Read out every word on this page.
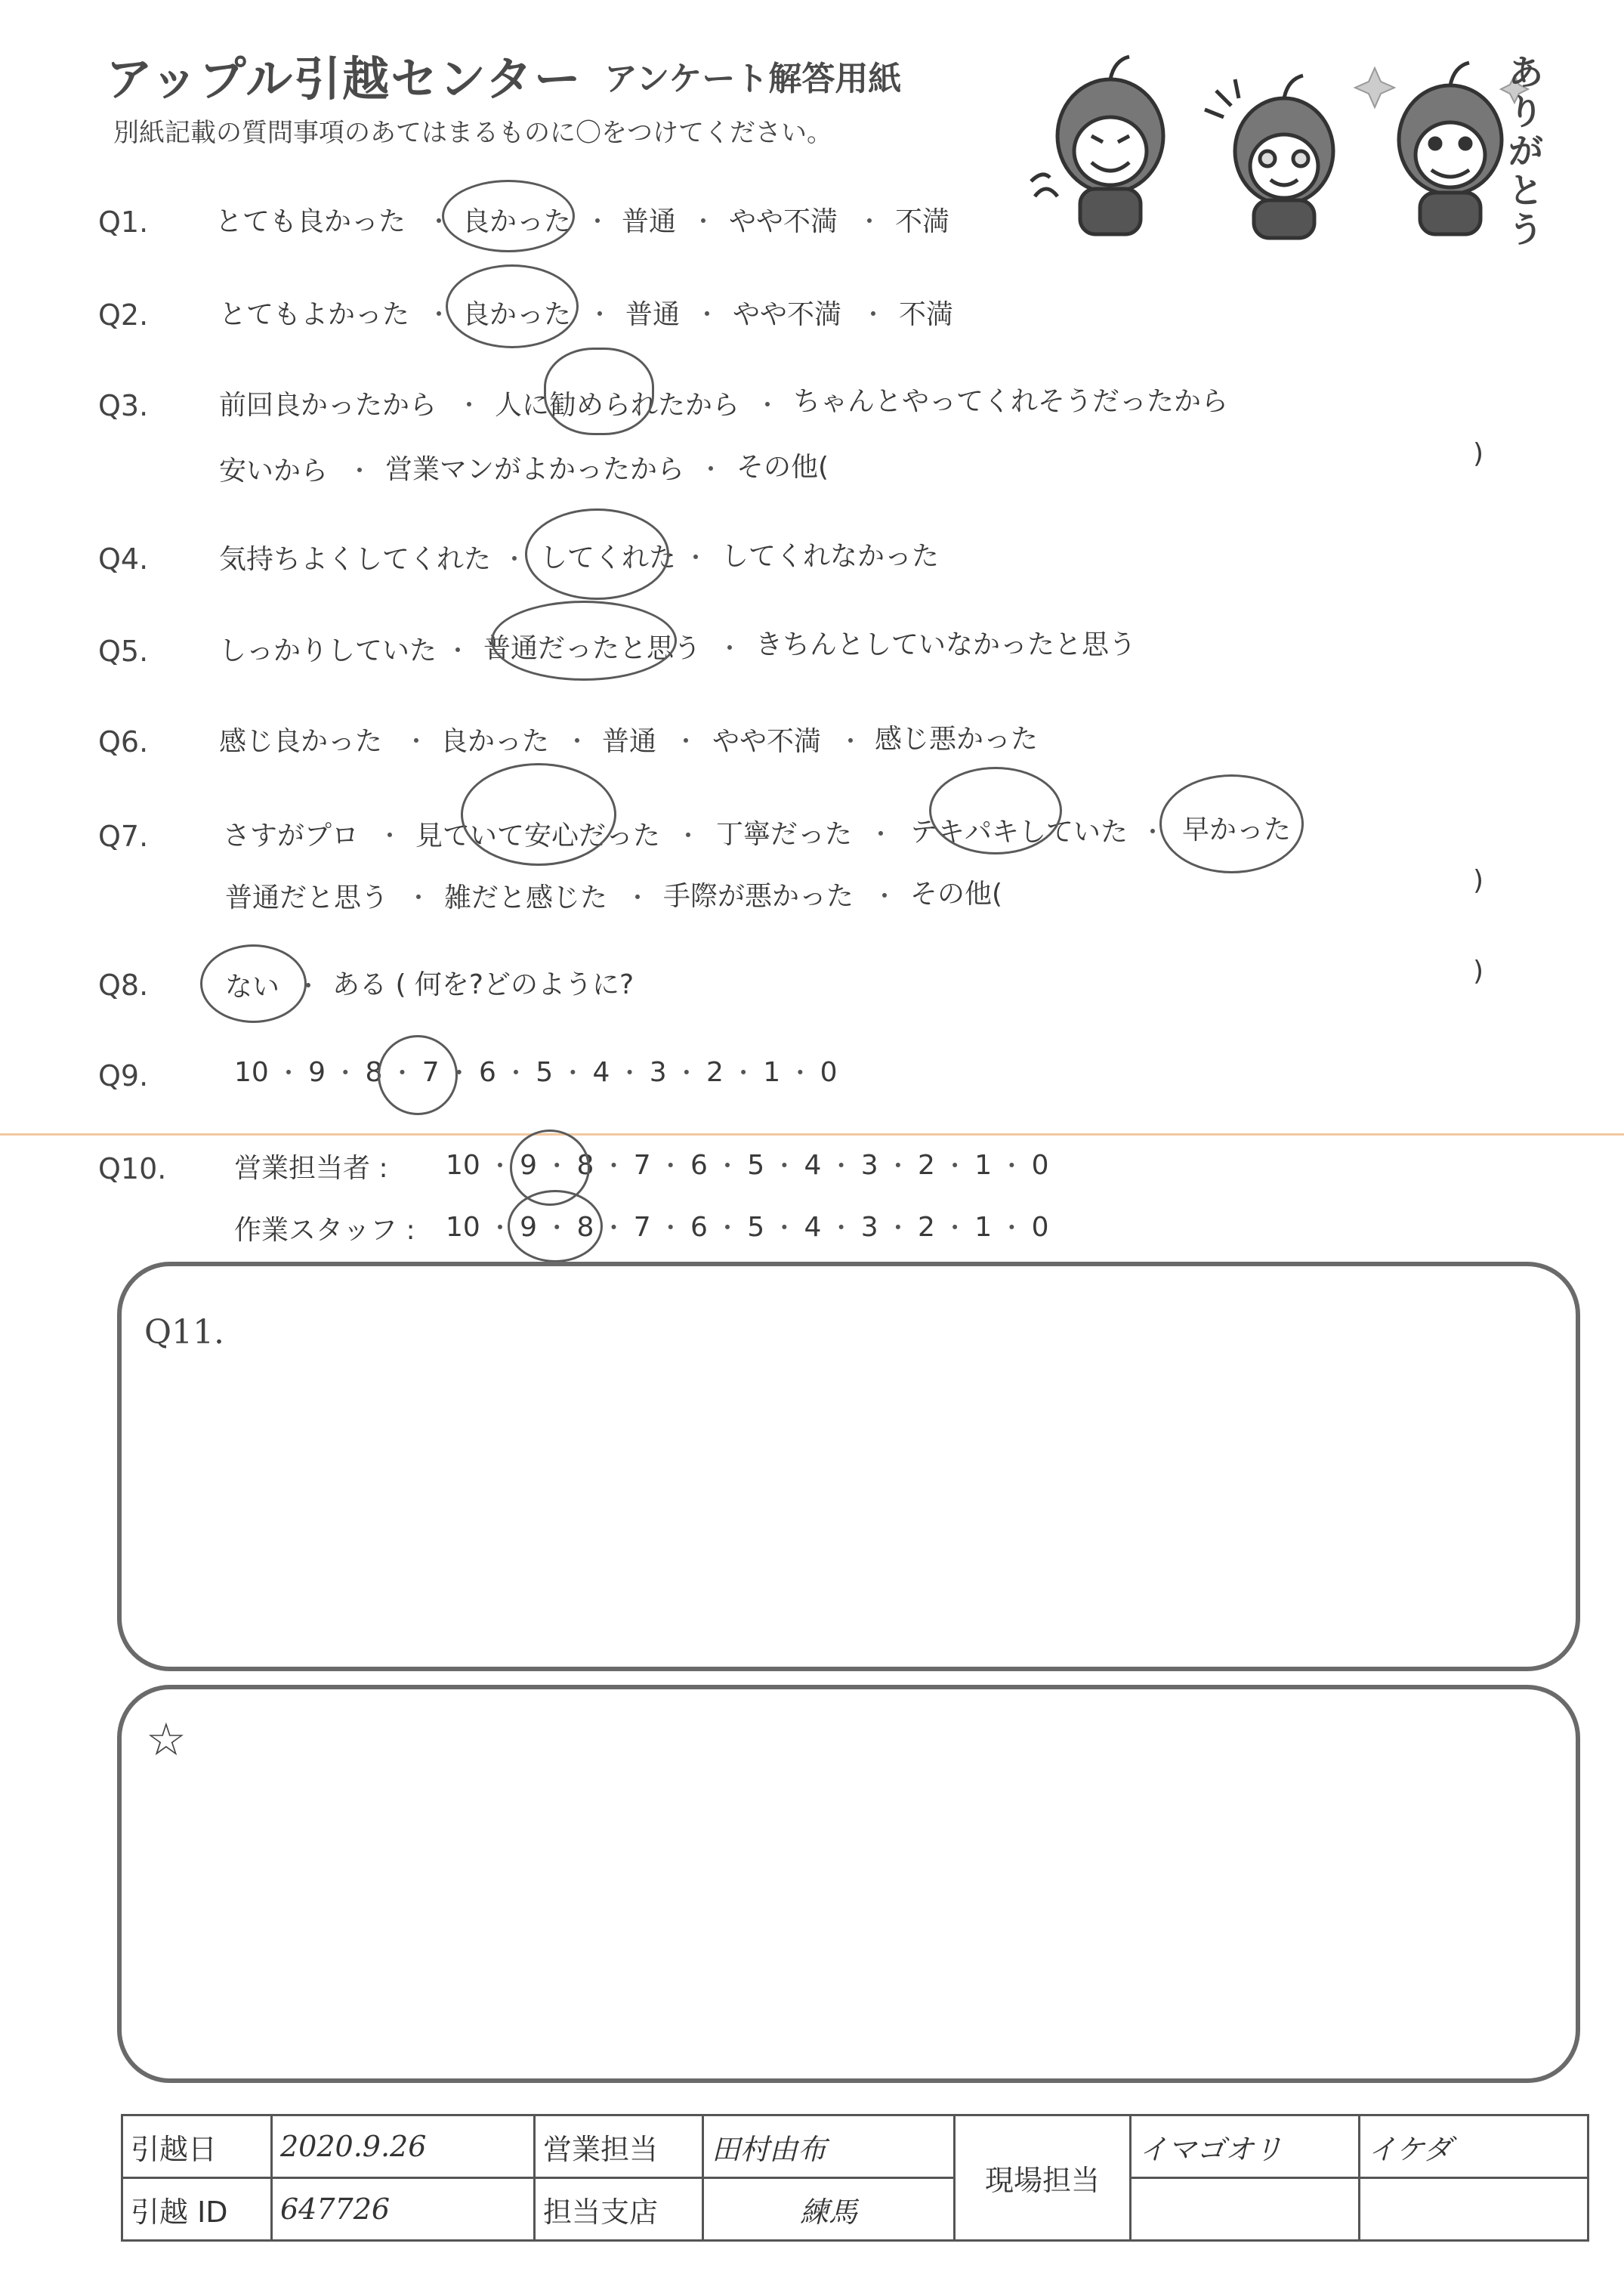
アップル引越センター アンケート解答用紙
別紙記載の質問事項のあてはまるものに〇をつけてください。
あ
り
が
と
う
Q1. とても良かった ・ 良かった ・ 普通 ・ やや不満 ・ 不満
Q2.	とてもよかった ・ 良かった ・ 普通 ・ やや不満 ・ 不満
Q3.	前回良かったから ・ 人に勧められたから ・ ちゃんとやってくれそうだったから
安いから ・ 営業マンがよかったから ・ その他(	)
Q4.	気持ちよくしてくれた ・ してくれた ・ してくれなかった
Q5.	しっかりしていた ・ 普通だったと思う ・ きちんとしていなかったと思う
Q6.	感じ良かった ・ 良かった ・ 普通 ・ やや不満 ・ 感じ悪かった
Q7.	さすがプロ ・ 見ていて安心だった ・ 丁寧だった ・ テキパキしていた ・ 早かった
普通だと思う ・ 雑だと感じた ・ 手際が悪かった ・ その他(	)
Q8.	ない ・ ある ( 何を?どのように?	)
Q9.	10 ・ 9 ・ 8 ・ 7 ・ 6 ・ 5 ・ 4 ・ 3 ・ 2 ・ 1 ・ 0
Q10. 営業担当者 : 10 ・ 9 ・ 8 ・ 7 ・ 6 ・ 5 ・ 4 ・ 3 ・ 2 ・ 1 ・ 0
作業スタッフ : 10 ・ 9 ・ 8 ・ 7 ・ 6 ・ 5 ・ 4 ・ 3 ・ 2 ・ 1 ・ 0
Q11.
☆
引越日	2020.9.26	営業担当	田村由布	現場担当	イマゴオリ	イケダ
引越 ID	647726	担当支店	練馬			
